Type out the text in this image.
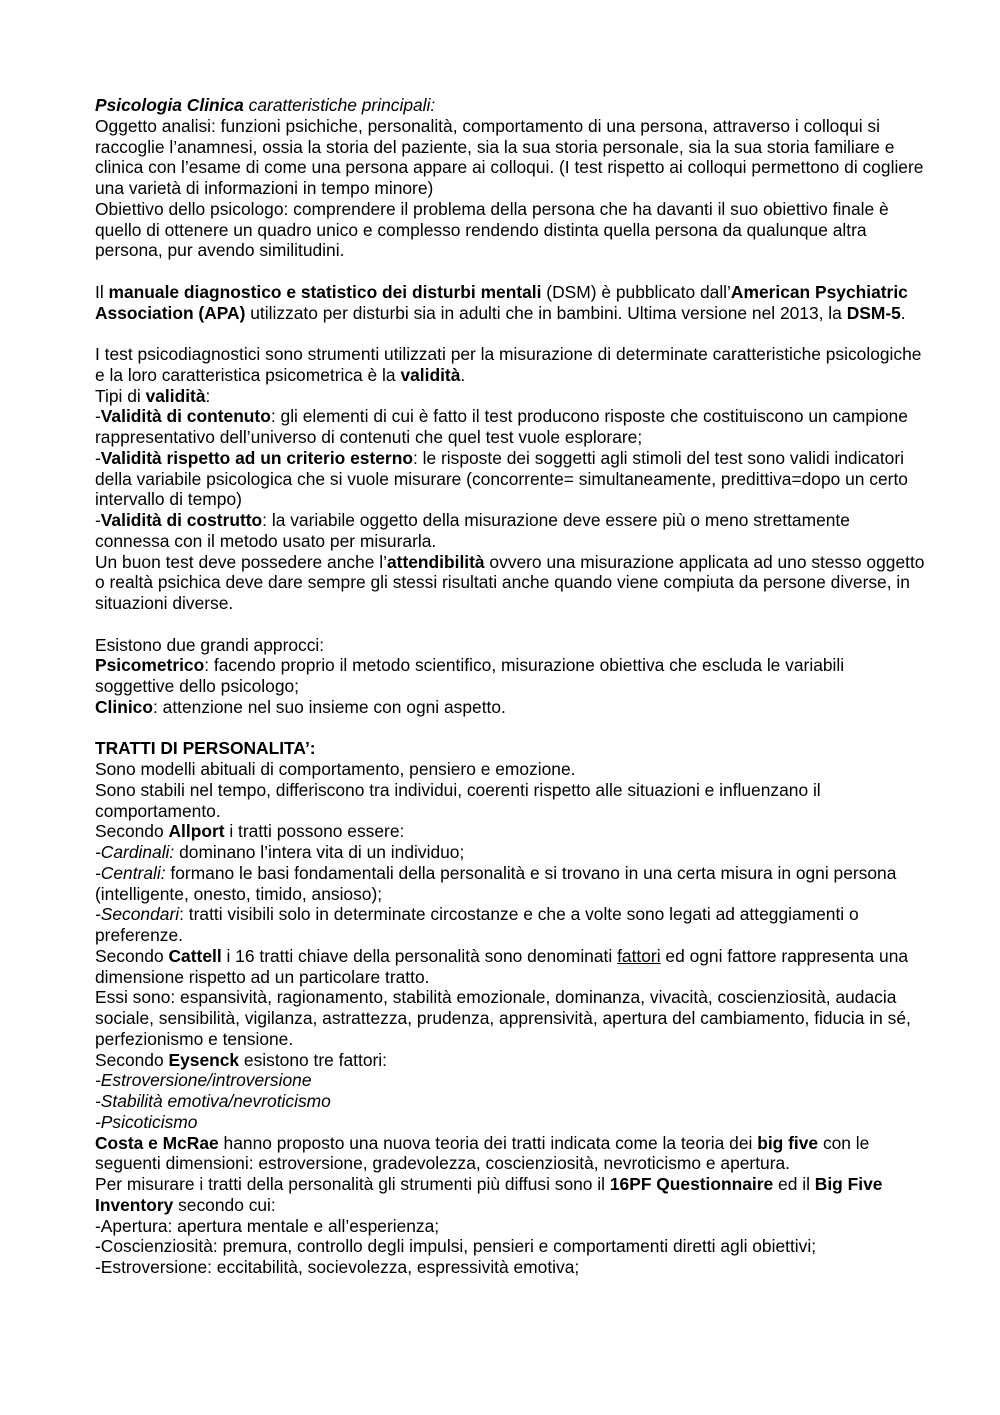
Psicologia Clinica caratteristiche principali:

Oggetto analisi: funzioni psichiche, personalità, comportamento di una persona, attraverso i colloqui si raccoglie l’anamnesi, ossia la storia del paziente, sia la sua storia personale, sia la sua storia familiare e clinica con l’esame di come una persona appare ai colloqui. (I test rispetto ai colloqui permettono di cogliere una varietà di informazioni in tempo minore)

Obiettivo dello psicologo: comprendere il problema della persona che ha davanti il suo obiettivo finale è quello di ottenere un quadro unico e complesso rendendo distinta quella persona da qualunque altra persona, pur avendo similitudini.

Il manuale diagnostico e statistico dei disturbi mentali (DSM) è pubblicato dall’American Psychiatric Association (APA) utilizzato per disturbi sia in adulti che in bambini. Ultima versione nel 2013, la DSM-5.

I test psicodiagnostici sono strumenti utilizzati per la misurazione di determinate caratteristiche psicologiche e la loro caratteristica psicometrica è la validità.

Tipi di validità:

-Validità di contenuto: gli elementi di cui è fatto il test producono risposte che costituiscono un campione rappresentativo dell’universo di contenuti che quel test vuole esplorare;

-Validità rispetto ad un criterio esterno: le risposte dei soggetti agli stimoli del test sono validi indicatori della variabile psicologica che si vuole misurare (concorrente= simultaneamente, predittiva=dopo un certo intervallo di tempo)

-Validità di costrutto: la variabile oggetto della misurazione deve essere più o meno strettamente connessa con il metodo usato per misurarla.

Un buon test deve possedere anche l’attendibilità ovvero una misurazione applicata ad uno stesso oggetto o realtà psichica deve dare sempre gli stessi risultati anche quando viene compiuta da persone diverse, in situazioni diverse.

Esistono due grandi approcci:

Psicometrico: facendo proprio il metodo scientifico, misurazione obiettiva che escluda le variabili soggettive dello psicologo;

Clinico: attenzione nel suo insieme con ogni aspetto.

TRATTI DI PERSONALITA’:

Sono modelli abituali di comportamento, pensiero e emozione.

Sono stabili nel tempo, differiscono tra individui, coerenti rispetto alle situazioni e influenzano il comportamento.

Secondo Allport i tratti possono essere:

-Cardinali: dominano l’intera vita di un individuo;

-Centrali: formano le basi fondamentali della personalità e si trovano in una certa misura in ogni persona (intelligente, onesto, timido, ansioso);

-Secondari: tratti visibili solo in determinate circostanze e che a volte sono legati ad atteggiamenti o preferenze.

Secondo Cattell i 16 tratti chiave della personalità sono denominati fattori ed ogni fattore rappresenta una dimensione rispetto ad un particolare tratto.

Essi sono: espansività, ragionamento, stabilità emozionale, dominanza, vivacità, coscienziosità, audacia sociale, sensibilità, vigilanza, astrattezza, prudenza, apprensività, apertura del cambiamento, fiducia in sé, perfezionismo e tensione.

Secondo Eysenck esistono tre fattori:

-Estroversione/introversione

-Stabilità emotiva/nevroticismo

-Psicoticismo

Costa e McRae hanno proposto una nuova teoria dei tratti indicata come la teoria dei big five con le seguenti dimensioni: estroversione, gradevolezza, coscienziosità, nevroticismo e apertura.

Per misurare i tratti della personalità gli strumenti più diffusi sono il 16PF Questionnaire ed il Big Five Inventory secondo cui:

-Apertura: apertura mentale e all’esperienza;

-Coscienziosità: premura, controllo degli impulsi, pensieri e comportamenti diretti agli obiettivi;

-Estroversione: eccitabilità, socievolezza, espressività emotiva;
